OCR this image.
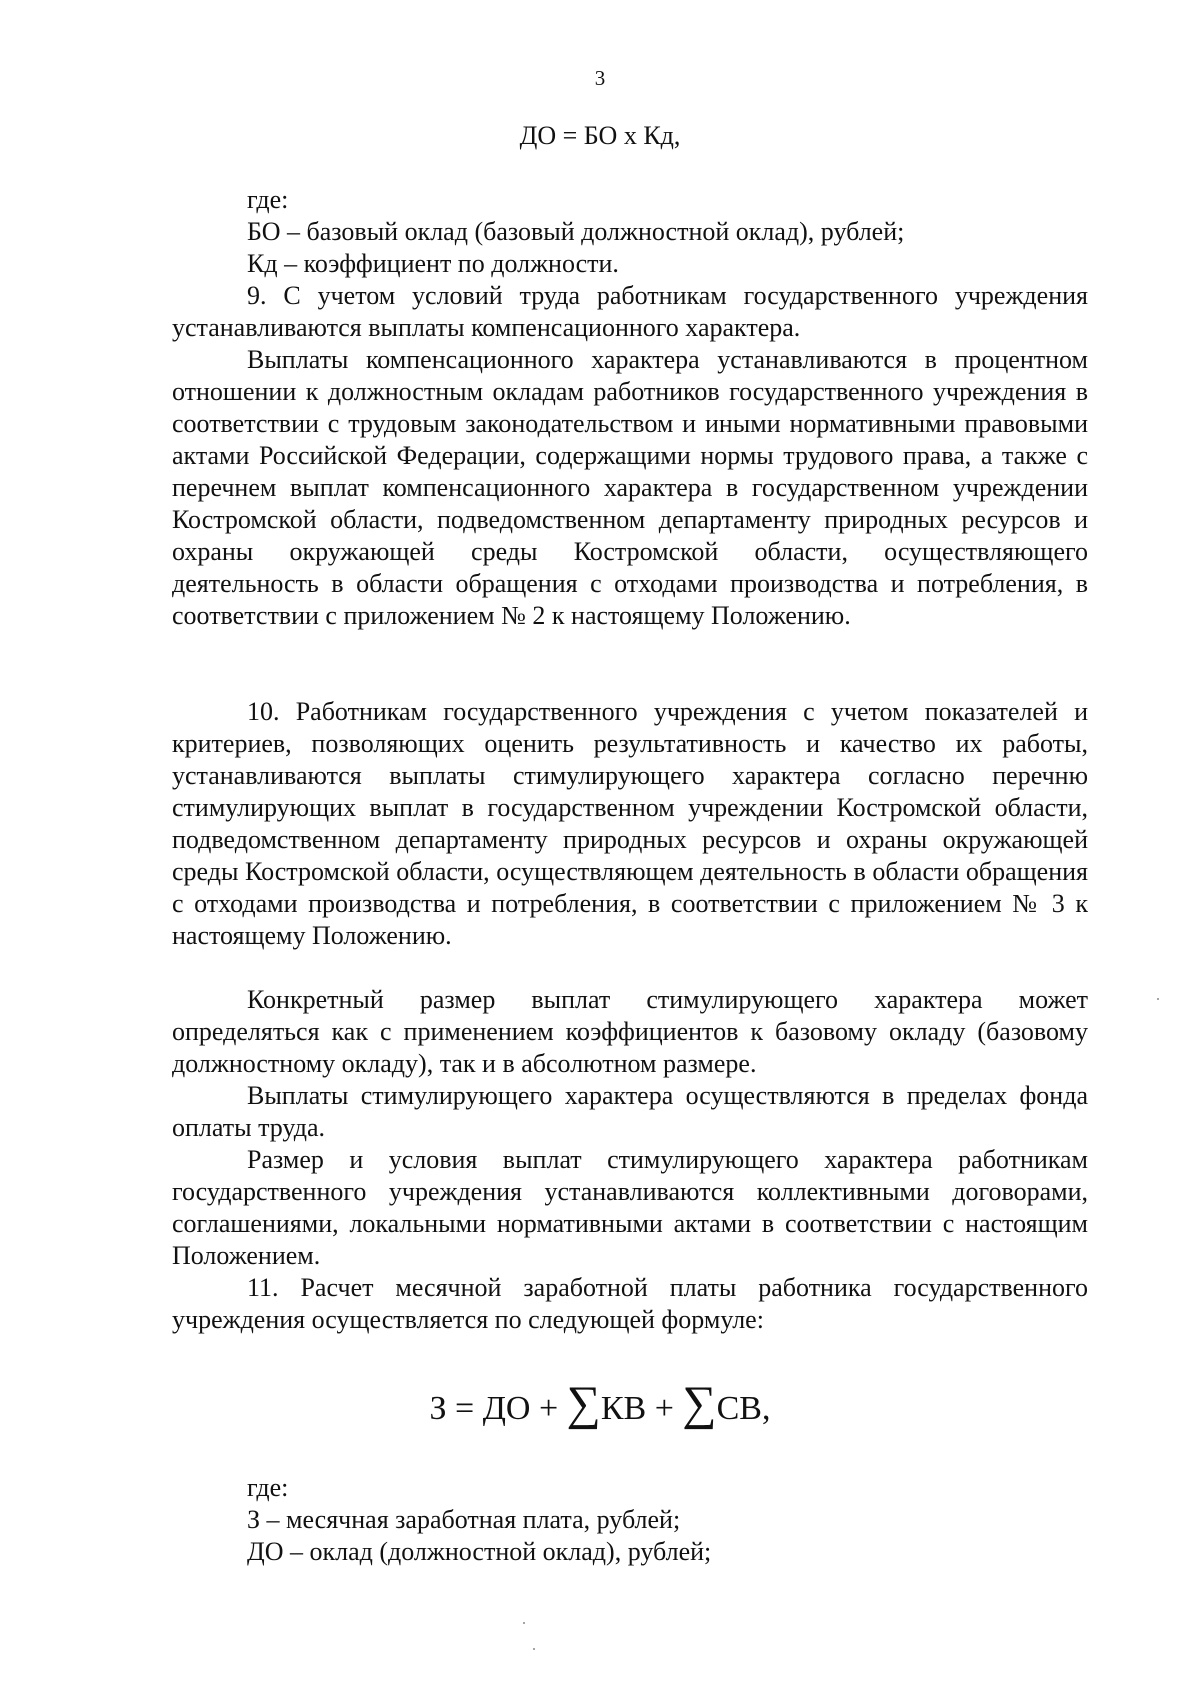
3
ДО = БО х Кд,
где:
БО – базовый оклад (базовый должностной оклад), рублей;
Кд – коэффициент по должности.
9. С учетом условий труда работникам государственного учреждения устанавливаются выплаты компенсационного характера.
Выплаты компенсационного характера устанавливаются в процентном отношении к должностным окладам работников государственного учреждения в соответствии с трудовым законодательством и иными нормативными правовыми актами Российской Федерации, содержащими нормы трудового права, а также с перечнем выплат компенсационного характера в государственном учреждении Костромской области, подведомственном департаменту природных ресурсов и охраны окружающей среды Костромской области, осуществляющего деятельность в области обращения с отходами производства и потребления, в соответствии с приложением № 2 к настоящему Положению.
10. Работникам государственного учреждения с учетом показателей и критериев, позволяющих оценить результативность и качество их работы, устанавливаются выплаты стимулирующего характера согласно перечню стимулирующих выплат в государственном учреждении Костромской области, подведомственном департаменту природных ресурсов и охраны окружающей среды Костромской области, осуществляющем деятельность в области обращения с отходами производства и потребления, в соответствии с приложением № 3 к настоящему Положению.
Конкретный размер выплат стимулирующего характера может определяться как с применением коэффициентов к базовому окладу (базовому должностному окладу), так и в абсолютном размере.
Выплаты стимулирующего характера осуществляются в пределах фонда оплаты труда.
Размер и условия выплат стимулирующего характера работникам государственного учреждения устанавливаются коллективными договорами, соглашениями, локальными нормативными актами в соответствии с настоящим Положением.
11. Расчет месячной заработной платы работника государственного учреждения осуществляется по следующей формуле:
З = ДО + ∑КВ + ∑СВ,
где:
З – месячная заработная плата, рублей;
ДО – оклад (должностной оклад), рублей;
